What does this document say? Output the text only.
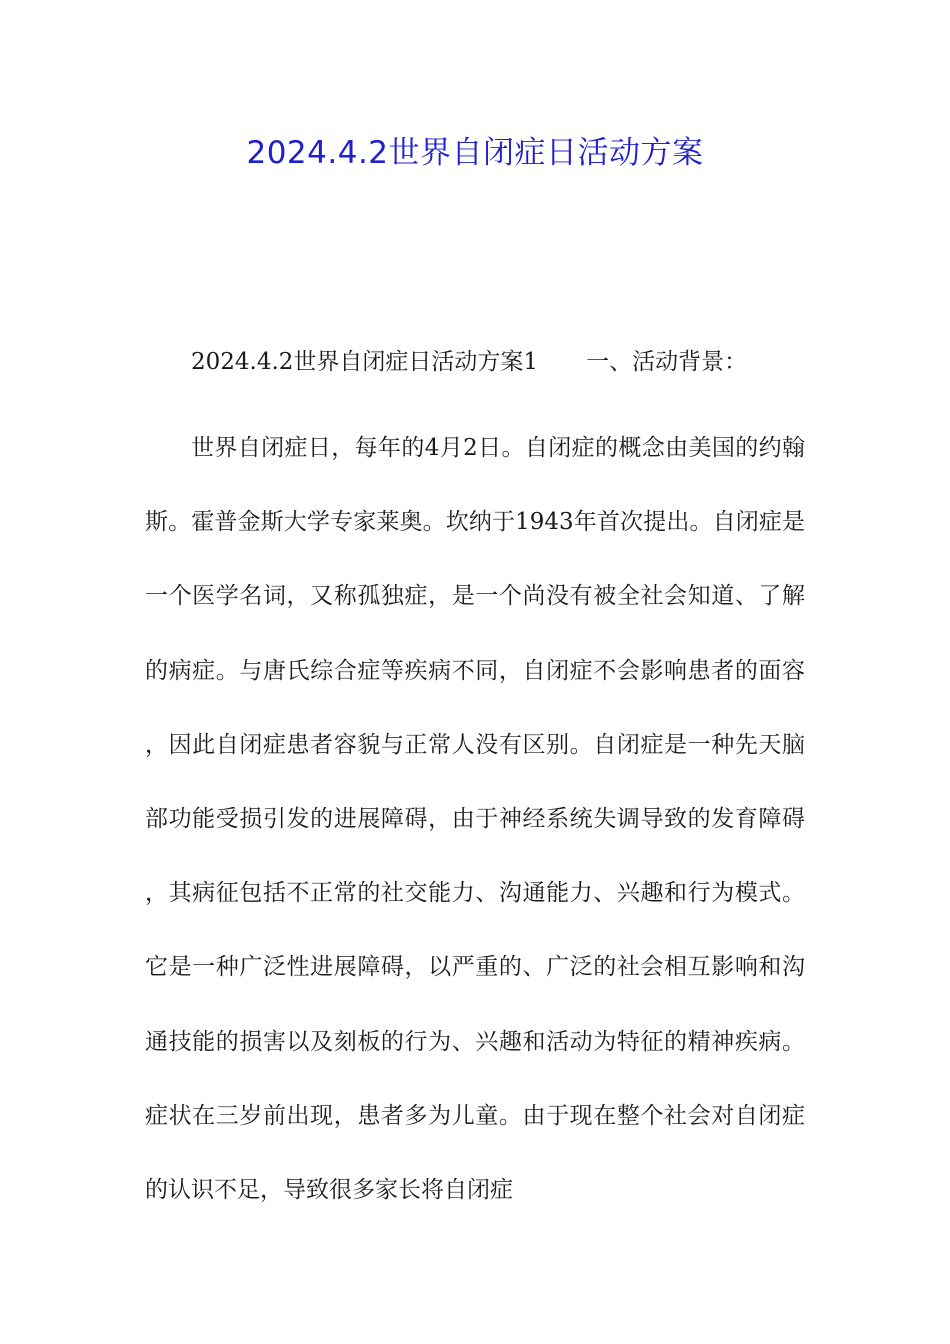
2024.4.2世界自闭症日活动方案
2024.4.2世界自闭症日活动方案1 一、活动背景：

世界自闭症日，每年的4月2日。自闭症的概念由美国的约翰斯。霍普金斯大学专家莱奥。坎纳于1943年首次提出。自闭症是一个医学名词，又称孤独症，是一个尚没有被全社会知道、了解的病症。与唐氏综合症等疾病不同，自闭症不会影响患者的面容，因此自闭症患者容貌与正常人没有区别。自闭症是一种先天脑部功能受损引发的进展障碍，由于神经系统失调导致的发育障碍，其病征包括不正常的社交能力、沟通能力、兴趣和行为模式。它是一种广泛性进展障碍，以严重的、广泛的社会相互影响和沟通技能的损害以及刻板的行为、兴趣和活动为特征的精神疾病。症状在三岁前出现，患者多为儿童。由于现在整个社会对自闭症的认识不足，导致很多家长将自闭症
